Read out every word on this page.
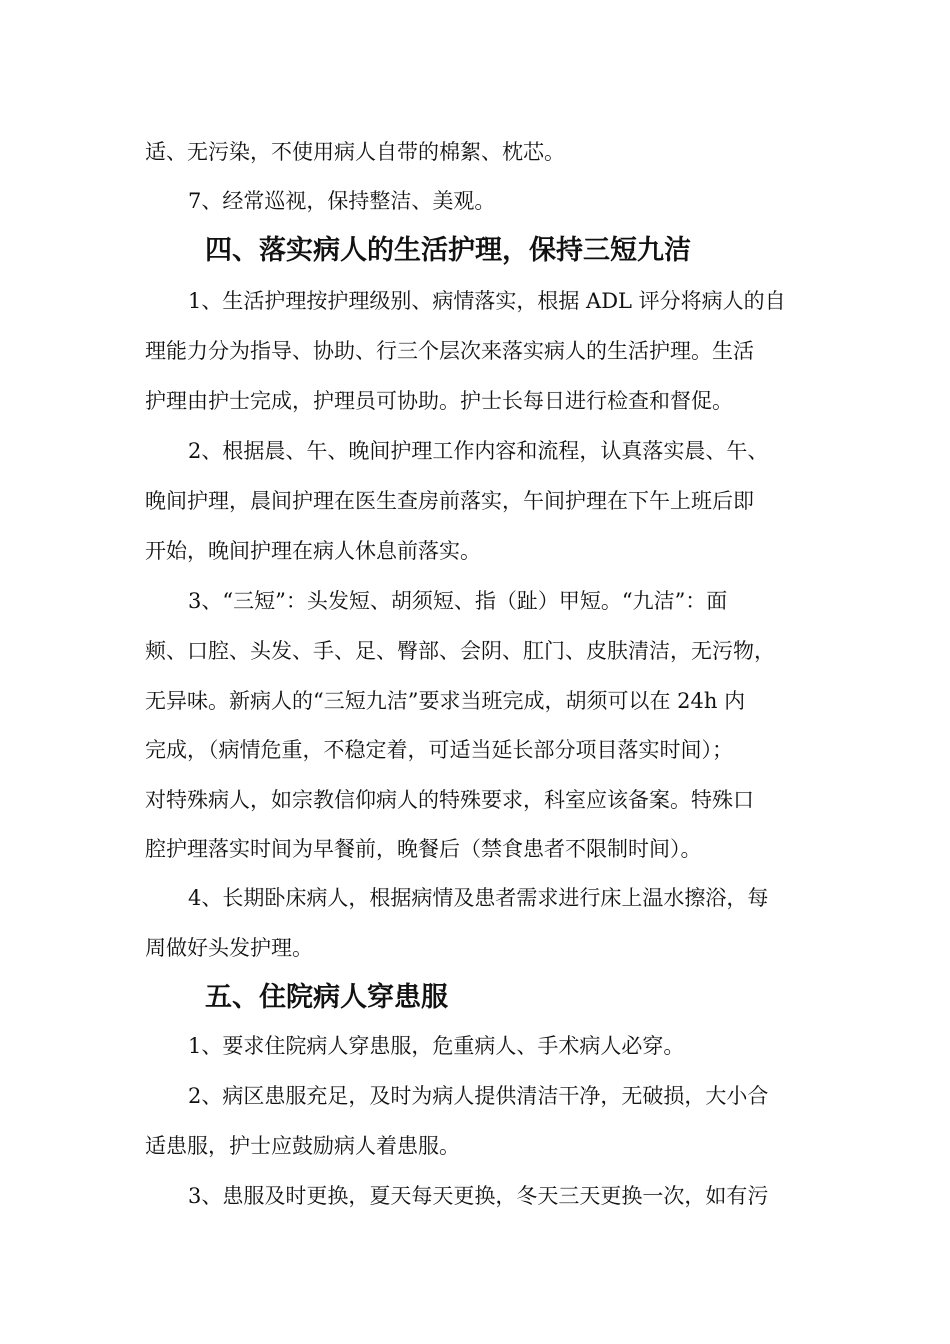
适、无污染，不使用病人自带的棉絮、枕芯。

7、经常巡视，保持整洁、美观。

四、落实病人的生活护理，保持三短九洁

1、生活护理按护理级别、病情落实，根据 ADL 评分将病人的自

理能力分为指导、协助、行三个层次来落实病人的生活护理。生活

护理由护士完成，护理员可协助。护士长每日进行检查和督促。

2、根据晨、午、晚间护理工作内容和流程，认真落实晨、午、

晚间护理，晨间护理在医生查房前落实，午间护理在下午上班后即

开始，晚间护理在病人休息前落实。

3、“三短”：头发短、胡须短、指（趾）甲短。“九洁”：面

颊、口腔、头发、手、足、臀部、会阴、肛门、皮肤清洁，无污物，

无异味。新病人的“三短九洁”要求当班完成，胡须可以在 24h 内

完成，（病情危重，不稳定着，可适当延长部分项目落实时间）；

对特殊病人，如宗教信仰病人的特殊要求，科室应该备案。特殊口

腔护理落实时间为早餐前，晚餐后（禁食患者不限制时间）。

4、长期卧床病人，根据病情及患者需求进行床上温水擦浴，每

周做好头发护理。

五、住院病人穿患服

1、要求住院病人穿患服，危重病人、手术病人必穿。

2、病区患服充足，及时为病人提供清洁干净，无破损，大小合

适患服，护士应鼓励病人着患服。

3、患服及时更换，夏天每天更换，冬天三天更换一次，如有污
